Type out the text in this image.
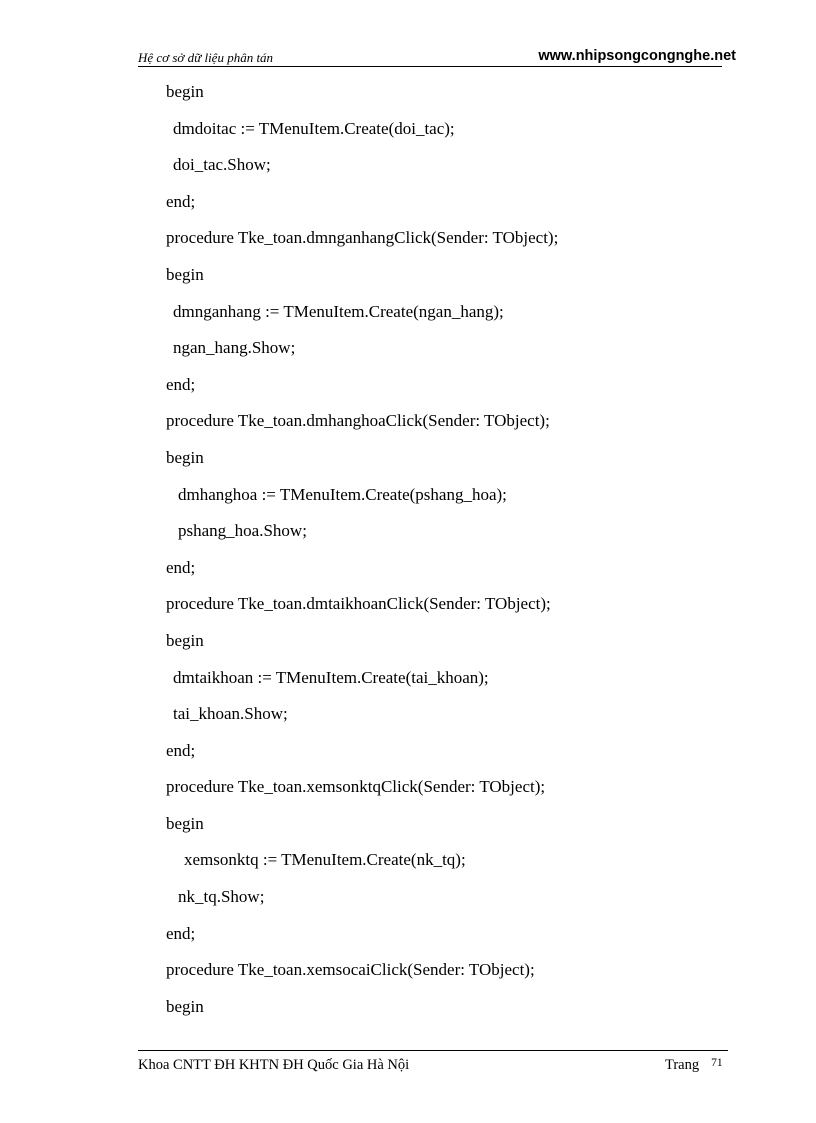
Hệ cơ sở dữ liệu phân tán	www.nhipsongcongnghe.net
begin
dmdoitac := TMenuItem.Create(doi_tac);
doi_tac.Show;
end;
procedure Tke_toan.dmnganhangClick(Sender: TObject);
begin
dmnganhang := TMenuItem.Create(ngan_hang);
ngan_hang.Show;
end;
procedure Tke_toan.dmhanghoaClick(Sender: TObject);
begin
dmhanghoa := TMenuItem.Create(pshang_hoa);
pshang_hoa.Show;
end;
procedure Tke_toan.dmtaikhoanClick(Sender: TObject);
begin
dmtaikhoan := TMenuItem.Create(tai_khoan);
tai_khoan.Show;
end;
procedure Tke_toan.xemsonktqClick(Sender: TObject);
begin
xemsonktq := TMenuItem.Create(nk_tq);
nk_tq.Show;
end;
procedure Tke_toan.xemsocaiClick(Sender: TObject);
begin
Khoa CNTT ĐH KHTN ĐH Quốc Gia Hà Nội	Trang $^{71}$
